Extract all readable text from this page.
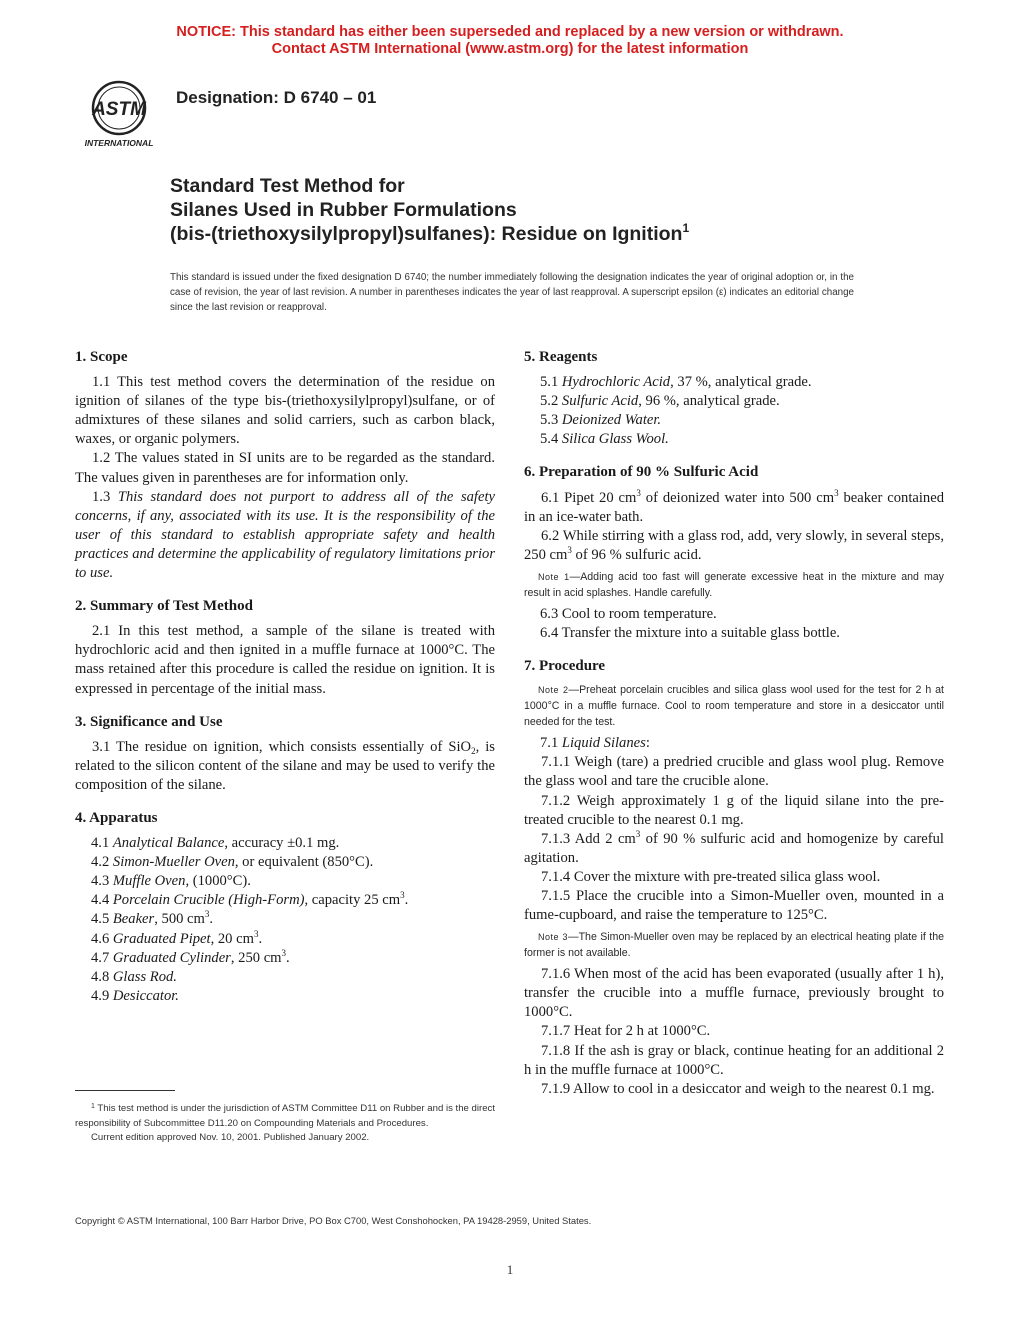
NOTICE: This standard has either been superseded and replaced by a new version or withdrawn.
Contact ASTM International (www.astm.org) for the latest information
ASTM
INTERNATIONAL
Designation: D 6740 – 01
Standard Test Method for
Silanes Used in Rubber Formulations
(bis-(triethoxysilylpropyl)sulfanes): Residue on Ignition$^1$
This standard is issued under the fixed designation D 6740; the number immediately following the designation indicates the year of original adoption or, in the case of revision, the year of last revision. A number in parentheses indicates the year of last reapproval. A superscript epsilon (ε) indicates an editorial change since the last revision or reapproval.

1. Scope

1.1 This test method covers the determination of the residue on ignition of silanes of the type bis-(triethoxysilylpropyl)sulfane, or of admixtures of these silanes and solid carriers, such as carbon black, waxes, or organic polymers.

1.2 The values stated in SI units are to be regarded as the standard. The values given in parentheses are for information only.

1.3 This standard does not purport to address all of the safety concerns, if any, associated with its use. It is the responsibility of the user of this standard to establish appropriate safety and health practices and determine the applicability of regulatory limitations prior to use.

2. Summary of Test Method

2.1 In this test method, a sample of the silane is treated with hydrochloric acid and then ignited in a muffle furnace at 1000°C. The mass retained after this procedure is called the residue on ignition. It is expressed in percentage of the initial mass.

3. Significance and Use

3.1 The residue on ignition, which consists essentially of SiO$_2$, is related to the silicon content of the silane and may be used to verify the composition of the silane.

4. Apparatus

4.1 Analytical Balance, accuracy ±0.1 mg.

4.2 Simon-Mueller Oven, or equivalent (850°C).

4.3 Muffle Oven, (1000°C).

4.4 Porcelain Crucible (High-Form), capacity 25 $cm^3$.

4.5 Beaker, 500 $cm^3$.

4.6 Graduated Pipet, 20 $cm^3$.

4.7 Graduated Cylinder, 250 $cm^3$.

4.8 Glass Rod.

4.9 Desiccator.

5. Reagents

5.1 Hydrochloric Acid, 37 %, analytical grade.

5.2 Sulfuric Acid, 96 %, analytical grade.

5.3 Deionized Water.

5.4 Silica Glass Wool.

6. Preparation of 90 % Sulfuric Acid

6.1 Pipet 20 $cm^3$ of deionized water into 500 $cm^3$ beaker contained in an ice-water bath.

6.2 While stirring with a glass rod, add, very slowly, in several steps, 250 $cm^3$ of 96 % sulfuric acid.

Note 1—Adding acid too fast will generate excessive heat in the mixture and may result in acid splashes. Handle carefully.

6.3 Cool to room temperature.

6.4 Transfer the mixture into a suitable glass bottle.

7. Procedure

Note 2—Preheat porcelain crucibles and silica glass wool used for the test for 2 h at 1000°C in a muffle furnace. Cool to room temperature and store in a desiccator until needed for the test.

7.1 Liquid Silanes:

7.1.1 Weigh (tare) a predried crucible and glass wool plug. Remove the glass wool and tare the crucible alone.

7.1.2 Weigh approximately 1 g of the liquid silane into the pre-treated crucible to the nearest 0.1 mg.

7.1.3 Add 2 $cm^3$ of 90 % sulfuric acid and homogenize by careful agitation.

7.1.4 Cover the mixture with pre-treated silica glass wool.

7.1.5 Place the crucible into a Simon-Mueller oven, mounted in a fume-cupboard, and raise the temperature to 125°C.

Note 3—The Simon-Mueller oven may be replaced by an electrical heating plate if the former is not available.

7.1.6 When most of the acid has been evaporated (usually after 1 h), transfer the crucible into a muffle furnace, previously brought to 1000°C.

7.1.7 Heat for 2 h at 1000°C.

7.1.8 If the ash is gray or black, continue heating for an additional 2 h in the muffle furnace at 1000°C.

7.1.9 Allow to cool in a desiccator and weigh to the nearest 0.1 mg.

$^1$ This test method is under the jurisdiction of ASTM Committee D11 on Rubber and is the direct responsibility of Subcommittee D11.20 on Compounding Materials and Procedures.

Current edition approved Nov. 10, 2001. Published January 2002.

Copyright © ASTM International, 100 Barr Harbor Drive, PO Box C700, West Conshohocken, PA 19428-2959, United States.
1
